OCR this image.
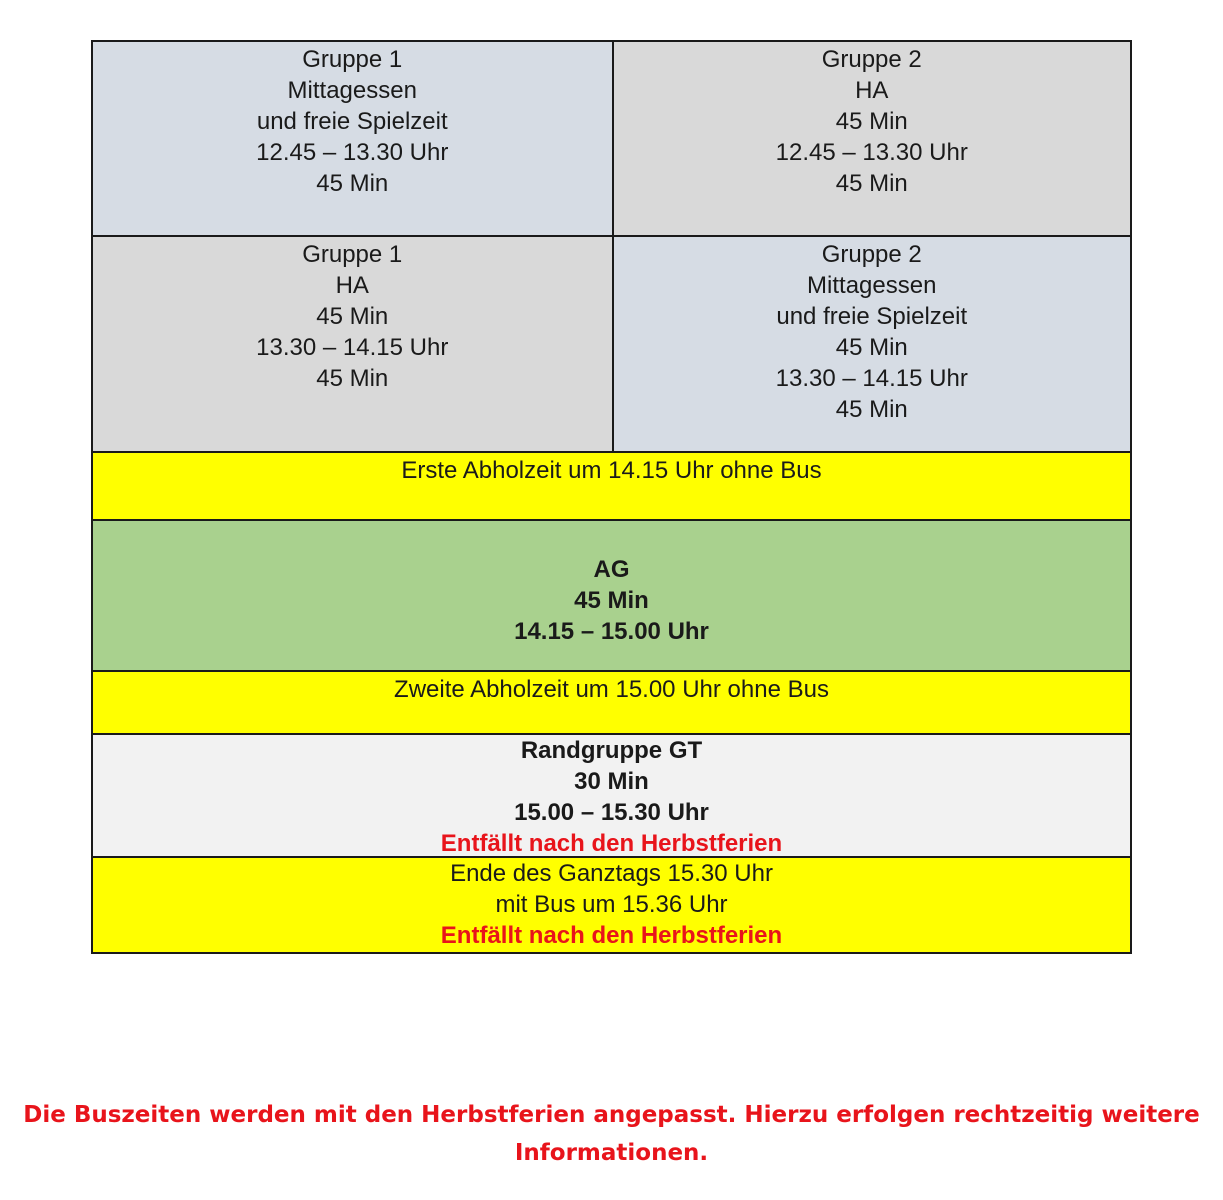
Gruppe 1
Mittagessen
und freie Spielzeit
12.45 – 13.30 Uhr
45 Min
Gruppe 2
HA
45 Min
12.45 – 13.30 Uhr
45 Min
Gruppe 1
HA
45 Min
13.30 – 14.15 Uhr
45 Min
Gruppe 2
Mittagessen
und freie Spielzeit
45 Min
13.30 – 14.15 Uhr
45 Min
Erste Abholzeit um 14.15 Uhr ohne Bus
AG
45 Min
14.15 – 15.00 Uhr
Zweite Abholzeit um 15.00 Uhr ohne Bus
Randgruppe GT
30 Min
15.00 – 15.30 Uhr
Entfällt nach den Herbstferien
Ende des Ganztags 15.30 Uhr
mit Bus um 15.36 Uhr
Entfällt nach den Herbstferien
Die Buszeiten werden mit den Herbstferien angepasst. Hierzu erfolgen rechtzeitig weitere
Informationen.
